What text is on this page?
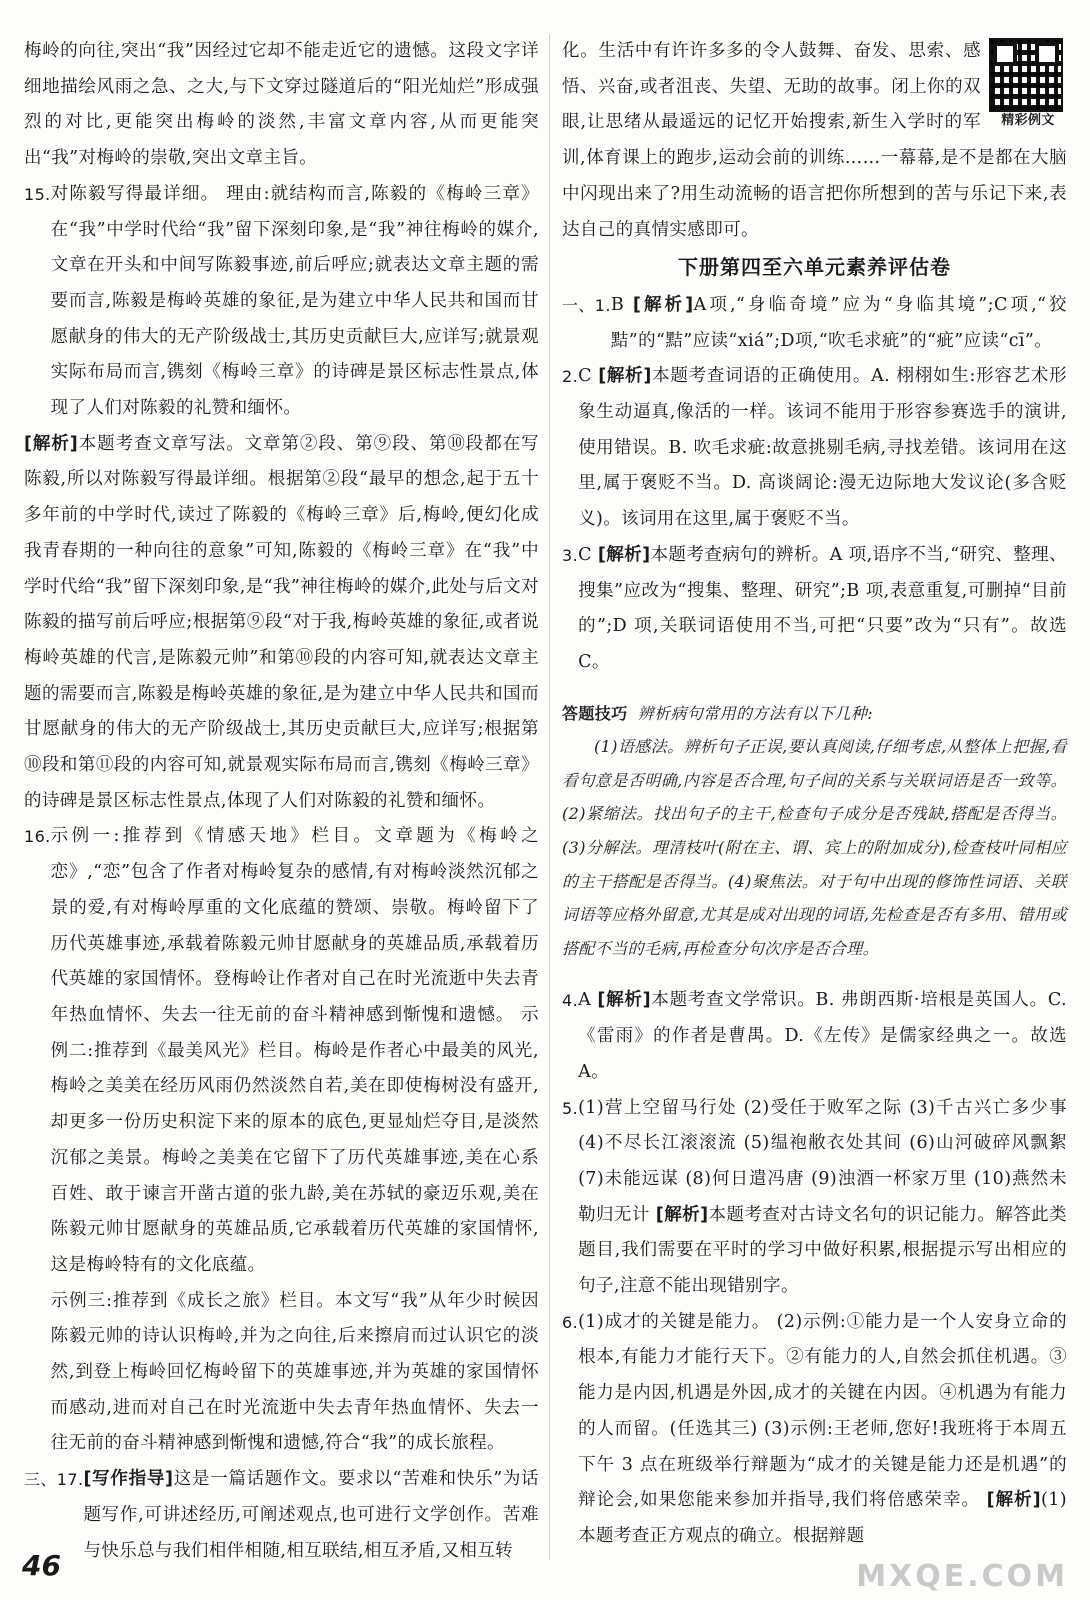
梅岭的向往,突出“我”因经过它却不能走近它的遗憾。这段文字详细地描绘风雨之急、之大,与下文穿过隧道后的“阳光灿烂”形成强烈的对比,更能突出梅岭的淡然,丰富文章内容,从而更能突出“我”对梅岭的崇敬,突出文章主旨。

15. 对陈毅写得最详细。 理由:就结构而言,陈毅的《梅岭三章》在“我”中学时代给“我”留下深刻印象,是“我”神往梅岭的媒介,文章在开头和中间写陈毅事迹,前后呼应;就表达文章主题的需要而言,陈毅是梅岭英雄的象征,是为建立中华人民共和国而甘愿献身的伟大的无产阶级战士,其历史贡献巨大,应详写;就景观实际布局而言,镌刻《梅岭三章》的诗碑是景区标志性景点,体现了人们对陈毅的礼赞和缅怀。

[解析]本题考查文章写法。文章第②段、第⑨段、第⑩段都在写陈毅,所以对陈毅写得最详细。根据第②段“最早的想念,起于五十多年前的中学时代,读过了陈毅的《梅岭三章》后,梅岭,便幻化成我青春期的一种向往的意象”可知,陈毅的《梅岭三章》在“我”中学时代给“我”留下深刻印象,是“我”神往梅岭的媒介,此处与后文对陈毅的描写前后呼应;根据第⑨段“对于我,梅岭英雄的象征,或者说梅岭英雄的代言,是陈毅元帅”和第⑩段的内容可知,就表达文章主题的需要而言,陈毅是梅岭英雄的象征,是为建立中华人民共和国而甘愿献身的伟大的无产阶级战士,其历史贡献巨大,应详写;根据第⑩段和第⑪段的内容可知,就景观实际布局而言,镌刻《梅岭三章》的诗碑是景区标志性景点,体现了人们对陈毅的礼赞和缅怀。

16. 示例一:推荐到《情感天地》栏目。文章题为《梅岭之恋》,“恋”包含了作者对梅岭复杂的感情,有对梅岭淡然沉郁之景的爱,有对梅岭厚重的文化底蕴的赞颂、崇敬。梅岭留下了历代英雄事迹,承载着陈毅元帅甘愿献身的英雄品质,承载着历代英雄的家国情怀。登梅岭让作者对自己在时光流逝中失去青年热血情怀、失去一往无前的奋斗精神感到惭愧和遗憾。 示例二:推荐到《最美风光》栏目。梅岭是作者心中最美的风光,梅岭之美美在经历风雨仍然淡然自若,美在即使梅树没有盛开,却更多一份历史积淀下来的原本的底色,更显灿烂夺目,是淡然沉郁之美景。梅岭之美美在它留下了历代英雄事迹,美在心系百姓、敢于谏言开凿古道的张九龄,美在苏轼的豪迈乐观,美在陈毅元帅甘愿献身的英雄品质,它承载着历代英雄的家国情怀,这是梅岭特有的文化底蕴。

示例三:推荐到《成长之旅》栏目。本文写“我”从年少时候因陈毅元帅的诗认识梅岭,并为之向往,后来擦肩而过认识它的淡然,到登上梅岭回忆梅岭留下的英雄事迹,并为英雄的家国情怀而感动,进而对自己在时光流逝中失去青年热血情怀、失去一往无前的奋斗精神感到惭愧和遗憾,符合“我”的成长旅程。

三、17. [写作指导]这是一篇话题作文。要求以“苦难和快乐”为话题写作,可讲述经历,可阐述观点,也可进行文学创作。苦难与快乐总与我们相伴相随,相互联结,相互矛盾,又相互转

精彩例文

化。生活中有许许多多的令人鼓舞、奋发、思索、感悟、兴奋,或者沮丧、失望、无助的故事。闭上你的双眼,让思绪从最遥远的记忆开始搜索,新生入学时的军训,体育课上的跑步,运动会前的训练……一幕幕,是不是都在大脑中闪现出来了?用生动流畅的语言把你所想到的苦与乐记下来,表达自己的真情实感即可。

下册第四至六单元素养评估卷
一、1. B [解析]A项,“身临奇境”应为“身临其境”;C项,“狡黠”的“黠”应读“xiá”;D项,“吹毛求疵”的“疵”应读“cī”。

2. C [解析]本题考查词语的正确使用。A. 栩栩如生:形容艺术形象生动逼真,像活的一样。该词不能用于形容参赛选手的演讲,使用错误。B. 吹毛求疵:故意挑剔毛病,寻找差错。该词用在这里,属于褒贬不当。D. 高谈阔论:漫无边际地大发议论(多含贬义)。该词用在这里,属于褒贬不当。

3. C [解析]本题考查病句的辨析。A 项,语序不当,“研究、整理、搜集”应改为“搜集、整理、研究”;B 项,表意重复,可删掉“目前的”;D 项,关联词语使用不当,可把“只要”改为“只有”。故选 C。

答题技巧 辨析病句常用的方法有以下几种:

(1)语感法。辨析句子正误,要认真阅读,仔细考虑,从整体上把握,看看句意是否明确,内容是否合理,句子间的关系与关联词语是否一致等。(2)紧缩法。找出句子的主干,检查句子成分是否残缺,搭配是否得当。(3)分解法。理清枝叶(附在主、谓、宾上的附加成分),检查枝叶同相应的主干搭配是否得当。(4)聚焦法。对于句中出现的修饰性词语、关联词语等应格外留意,尤其是成对出现的词语,先检查是否有多用、错用或搭配不当的毛病,再检查分句次序是否合理。

4. A [解析]本题考查文学常识。B. 弗朗西斯·培根是英国人。C.《雷雨》的作者是曹禺。D.《左传》是儒家经典之一。故选 A。

5. (1)营上空留马行处 (2)受任于败军之际 (3)千古兴亡多少事 (4)不尽长江滚滚流 (5)缊袍敝衣处其间 (6)山河破碎风飘絮 (7)未能远谋 (8)何日遣冯唐 (9)浊酒一杯家万里 (10)燕然未勒归无计 [解析]本题考查对古诗文名句的识记能力。解答此类题目,我们需要在平时的学习中做好积累,根据提示写出相应的句子,注意不能出现错别字。

6. (1)成才的关键是能力。 (2)示例:①能力是一个人安身立命的根本,有能力才能行天下。②有能力的人,自然会抓住机遇。③能力是内因,机遇是外因,成才的关键在内因。④机遇为有能力的人而留。(任选其三) (3)示例:王老师,您好!我班将于本周五下午 3 点在班级举行辩题为“成才的关键是能力还是机遇”的辩论会,如果您能来参加并指导,我们将倍感荣幸。 [解析](1)本题考查正方观点的确立。根据辩题

46	MXQE.COM
